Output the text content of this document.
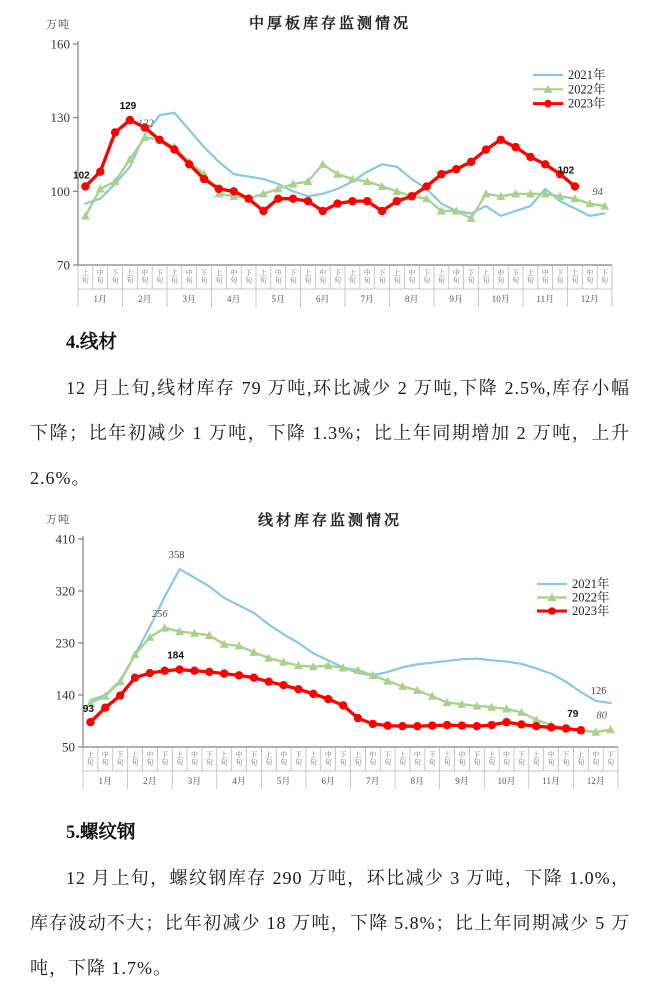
万吨	中厚板库存监测情况
70
100
130
160
上旬
中旬
下旬
上旬
中旬
下旬
上旬
中旬
下旬
上旬
中旬
下旬
上旬
中旬
下旬
上旬
中旬
下旬
上旬
中旬
下旬
上旬
中旬
下旬
上旬
中旬
下旬
上旬
中旬
下旬
上旬
中旬
下旬
上旬
中旬
下旬
1月	2月	3月	4月	5月	6月	7月	8月	9月	10月	11月	12月
2021年
2022年
2023年
102
129
122
102
94
4.线材

12 月上旬,线材库存 79 万吨,环比减少 2 万吨,下降 2.5%,库存小幅下降；比年初减少 1 万吨，下降 1.3%；比上年同期增加 2 万吨，上升 2.6%。

万吨	线材库存监测情况
50
140
230
320
410
上旬
中旬
下旬
上旬
中旬
下旬
上旬
中旬
下旬
上旬
中旬
下旬
上旬
中旬
下旬
上旬
中旬
下旬
上旬
中旬
下旬
上旬
中旬
下旬
上旬
中旬
下旬
上旬
中旬
下旬
上旬
中旬
下旬
上旬
中旬
下旬
1月	2月	3月	4月	5月	6月	7月	8月	9月	10月	11月	12月
2021年
2022年
2023年
93
358
256
184
79
126
80
5.螺纹钢

12 月上旬，螺纹钢库存 290 万吨，环比减少 3 万吨，下降 1.0%，库存波动不大；比年初减少 18 万吨，下降 5.8%；比上年同期减少 5 万吨，下降 1.7%。
